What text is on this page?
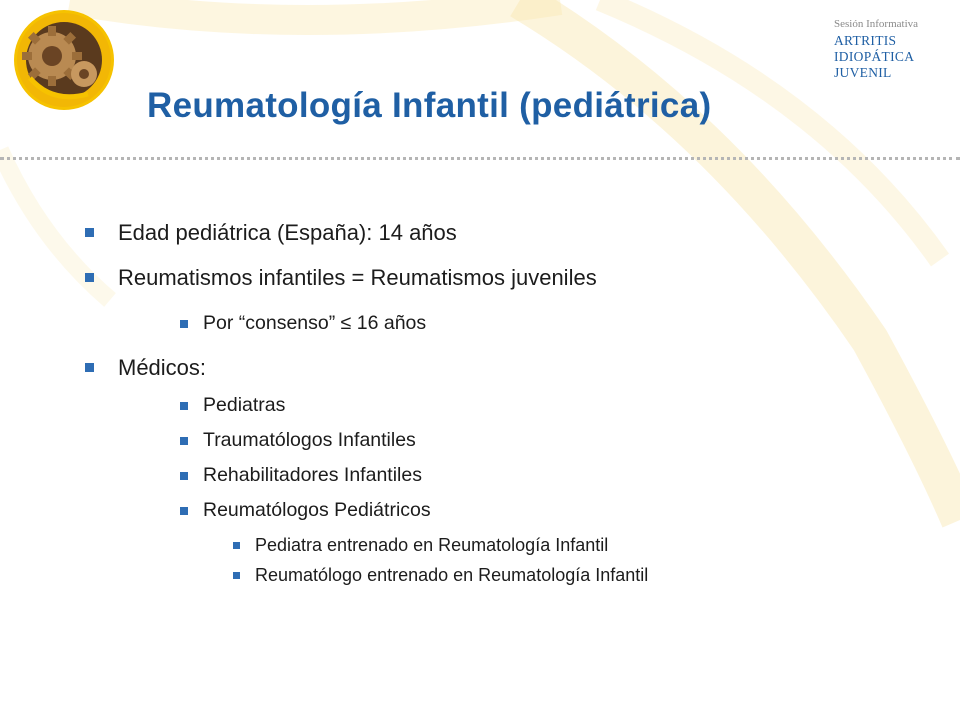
Sesión Informativa
ARTRITIS
IDIOPÁTICA
JUVENIL
Reumatología Infantil (pediátrica)
Edad pediátrica (España): 14 años
Reumatismos infantiles = Reumatismos juveniles
Por “consenso” ≤ 16 años
Médicos:
Pediatras
Traumatólogos Infantiles
Rehabilitadores Infantiles
Reumatólogos Pediátricos
Pediatra entrenado en Reumatología Infantil
Reumatólogo entrenado en Reumatología Infantil
